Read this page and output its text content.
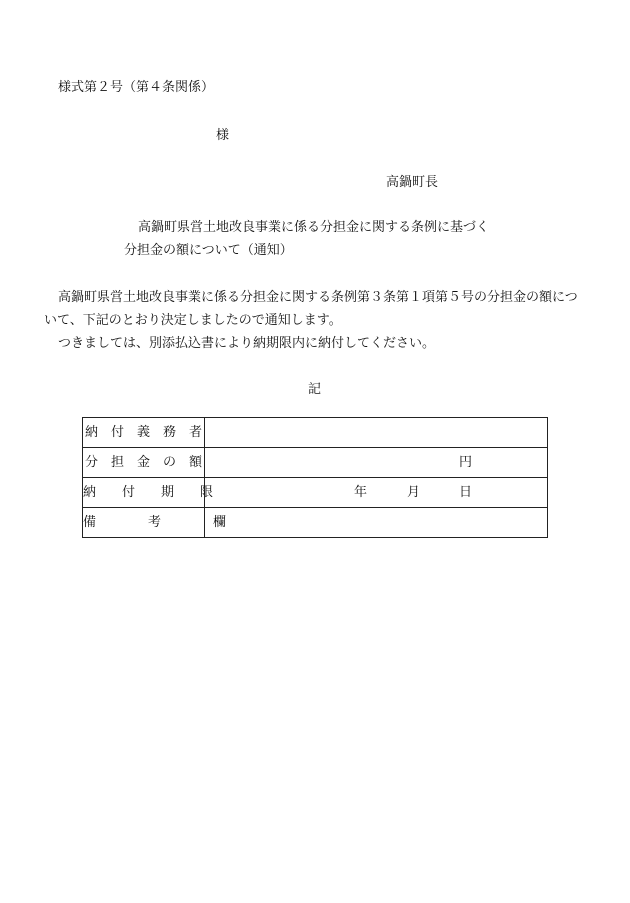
様式第２号（第４条関係）
様
高鍋町長
高鍋町県営土地改良事業に係る分担金に関する条例に基づく
分担金の額について（通知）
高鍋町県営土地改良事業に係る分担金に関する条例第３条第１項第５号の分担金の額につ
いて、下記のとおり決定しましたので通知します。
つきましては、別添払込書により納期限内に納付してください。
記
納　付　義　務　者	
分　担　金　の　額	円

納　　付　　期　　限	年 月 日

備　　　　考　　　　欄	
